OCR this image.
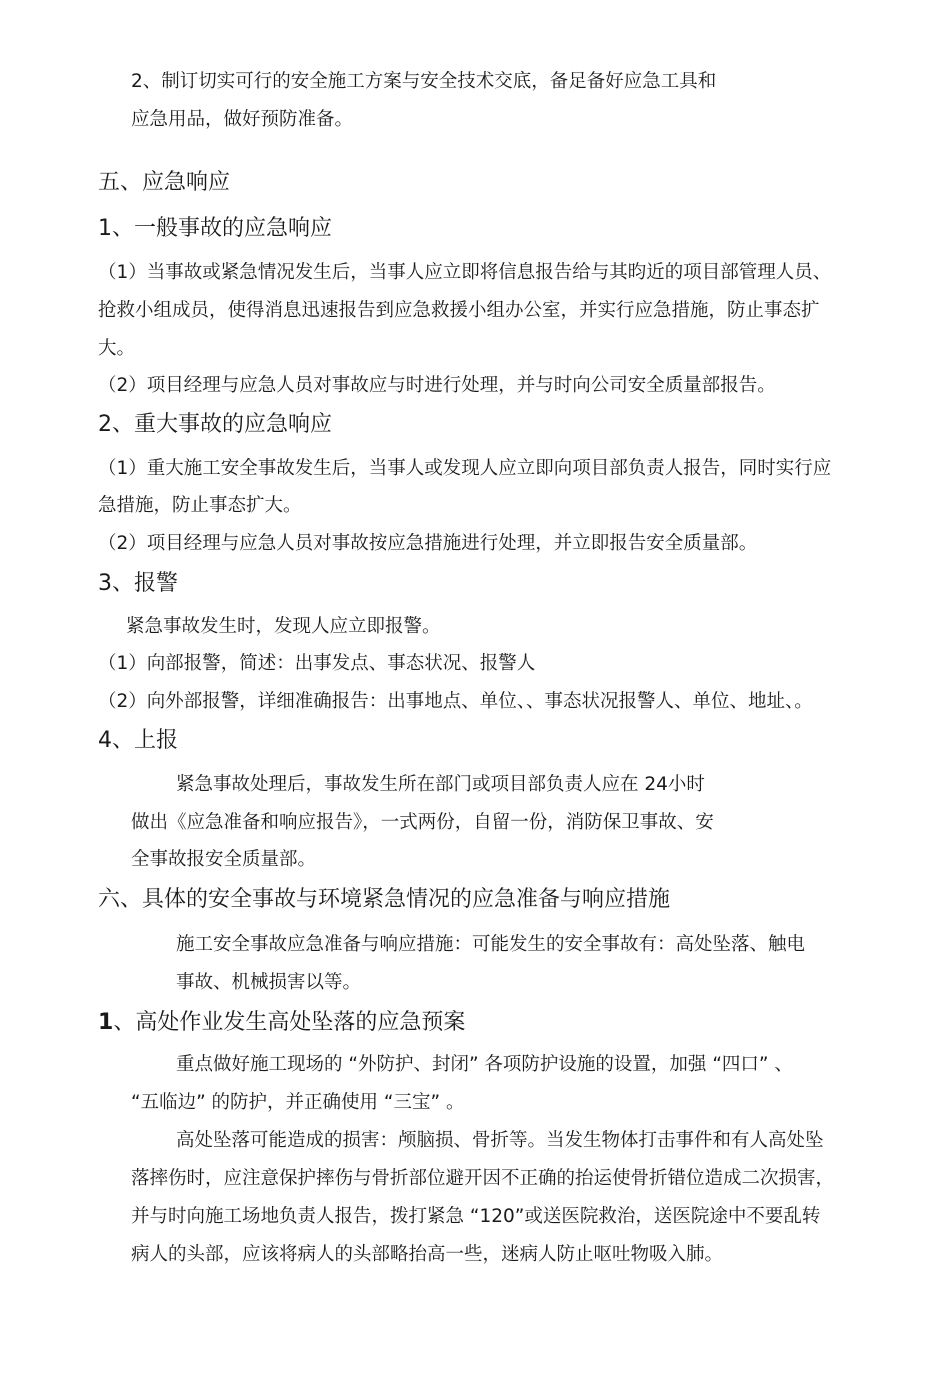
2、制订切实可行的安全施工方案与安全技术交底，备足备好应急工具和
应急用品，做好预防准备。
五、应急响应
1、一般事故的应急响应
（1）当事故或紧急情况发生后，当事人应立即将信息报告给与其昀近的项目部管理人员、
抢救小组成员，使得消息迅速报告到应急救援小组办公室，并实行应急措施，防止事态扩
大。
（2）项目经理与应急人员对事故应与时进行处理，并与时向公司安全质量部报告。
2、重大事故的应急响应
（1）重大施工安全事故发生后，当事人或发现人应立即向项目部负责人报告，同时实行应
急措施，防止事态扩大。
（2）项目经理与应急人员对事故按应急措施进行处理，并立即报告安全质量部。
3、报警
紧急事故发生时，发现人应立即报警。
（1）向部报警，简述：出事发点、事态状况、报警人
（2）向外部报警，详细准确报告：出事地点、单位、、事态状况报警人、单位、地址、。
4、上报
紧急事故处理后，事故发生所在部门或项目部负责人应在 24小时
做出《应急准备和响应报告》，一式两份，自留一份，消防保卫事故、安
全事故报安全质量部。
六、具体的安全事故与环境紧急情况的应急准备与响应措施
施工安全事故应急准备与响应措施：可能发生的安全事故有：高处坠落、触电
事故、机械损害以等。
1、高处作业发生高处坠落的应急预案
重点做好施工现场的 “外防护、封闭” 各项防护设施的设置，加强 “四口” 、
“五临边” 的防护，并正确使用 “三宝” 。
高处坠落可能造成的损害：颅脑损、骨折等。当发生物体打击事件和有人高处坠
落摔伤时，应注意保护摔伤与骨折部位避开因不正确的抬运使骨折错位造成二次损害，
并与时向施工场地负责人报告，拨打紧急 “120”或送医院救治，送医院途中不要乱转
病人的头部，应该将病人的头部略抬高一些，迷病人防止呕吐物吸入肺。
